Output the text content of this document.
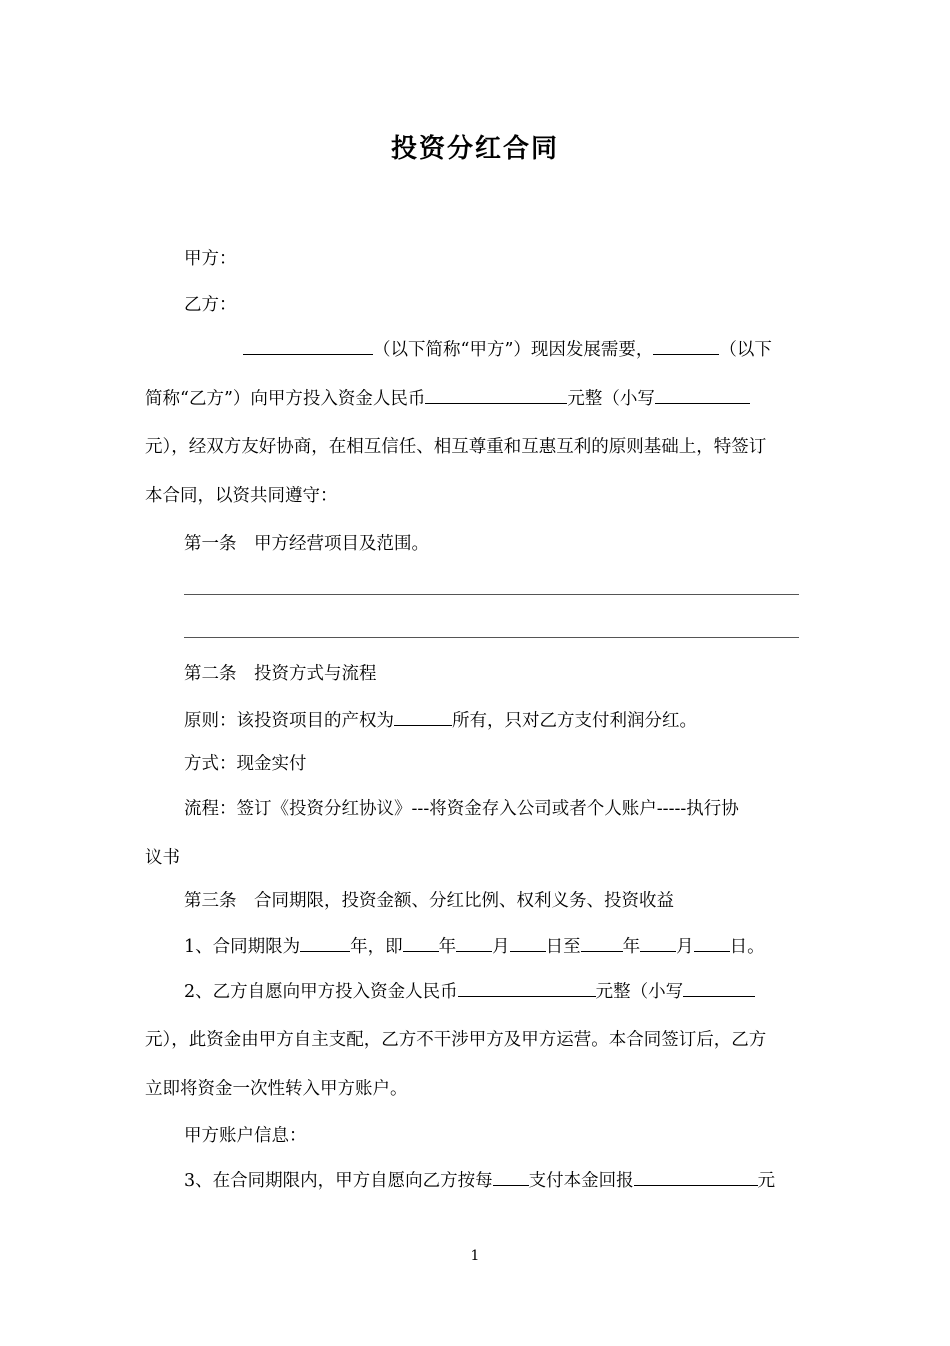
投资分红合同
甲方：
乙方：
（以下简称“甲方”）现因发展需要，	（以下
简称“乙方”）向甲方投入资金人民币	元整（小写
元），经双方友好协商，在相互信任、相互尊重和互惠互利的原则基础上，特签订
本合同，以资共同遵守：
第一条　甲方经营项目及范围。
第二条　投资方式与流程
原则：该投资项目的产权为	所有，只对乙方支付利润分红。
方式：现金实付
流程：签订《投资分红协议》---将资金存入公司或者个人账户-----执行协
议书
第三条　合同期限，投资金额、分红比例、权利义务、投资收益
1、合同期限为	年，即 年 月 日至 年 月 日。
2、乙方自愿向甲方投入资金人民币	元整（小写
元），此资金由甲方自主支配，乙方不干涉甲方及甲方运营。本合同签订后，乙方
立即将资金一次性转入甲方账户。
甲方账户信息：
3、在合同期限内，甲方自愿向乙方按每 支付本金回报	元
1
